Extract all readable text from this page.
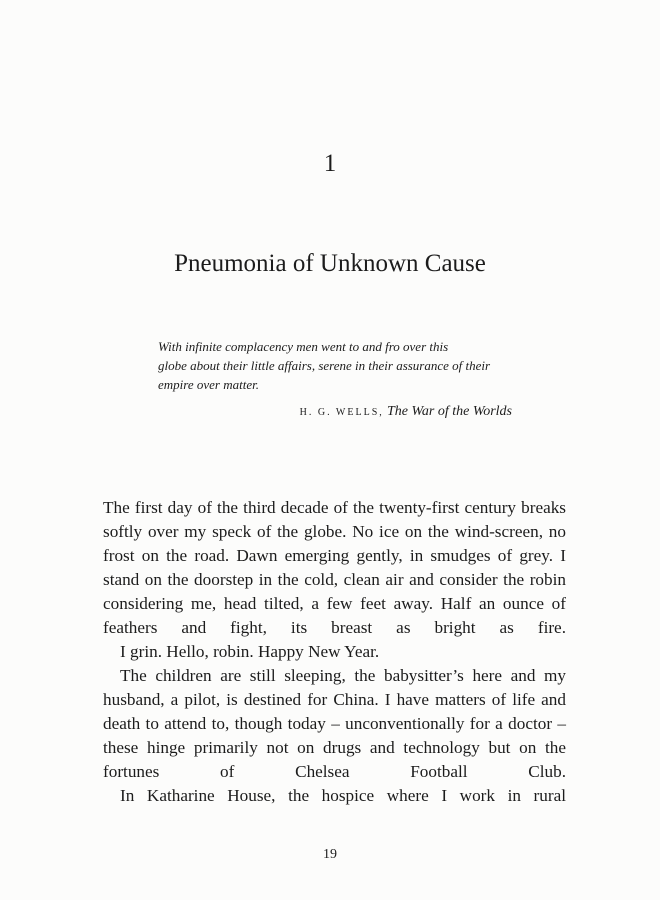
1
Pneumonia of Unknown Cause

With infinite complacency men went to and fro over this
globe about their little affairs, serene in their assurance of their
empire over matter.

H. G. WELLS, The War of the Worlds

The first day of the third decade of the twenty-first century breaks softly over my speck of the globe. No ice on the wind-screen, no frost on the road. Dawn emerging gently, in smudges of grey. I stand on the doorstep in the cold, clean air and consider the robin considering me, head tilted, a few feet away. Half an ounce of feathers and fight, its breast as bright as fire.

I grin. Hello, robin. Happy New Year.

The children are still sleeping, the babysitter’s here and my husband, a pilot, is destined for China. I have matters of life and death to attend to, though today – unconventionally for a doctor – these hinge primarily not on drugs and technology but on the fortunes of Chelsea Football Club.

In Katharine House, the hospice where I work in rural

19
